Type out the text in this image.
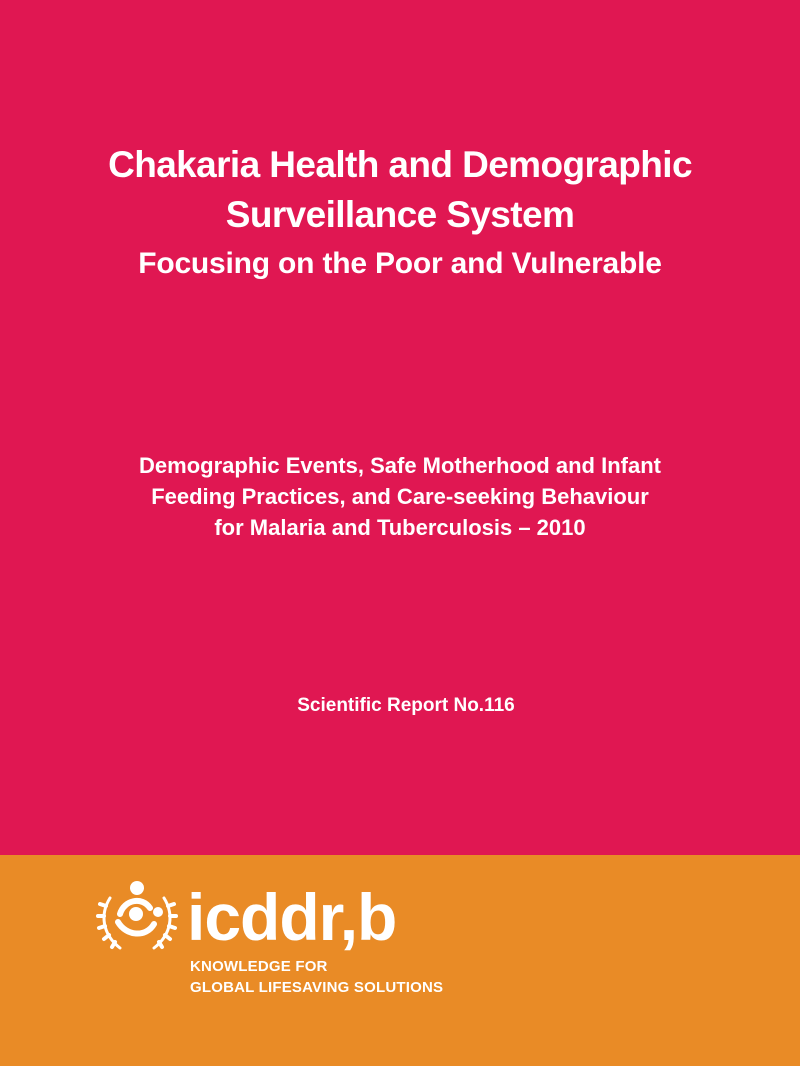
Chakaria Health and Demographic
Surveillance System
Focusing on the Poor and Vulnerable
Demographic Events, Safe Motherhood and Infant
Feeding Practices, and Care-seeking Behaviour
for Malaria and Tuberculosis – 2010
Scientific Report No.116
icddr,b
KNOWLEDGE FOR
GLOBAL LIFESAVING SOLUTIONS
